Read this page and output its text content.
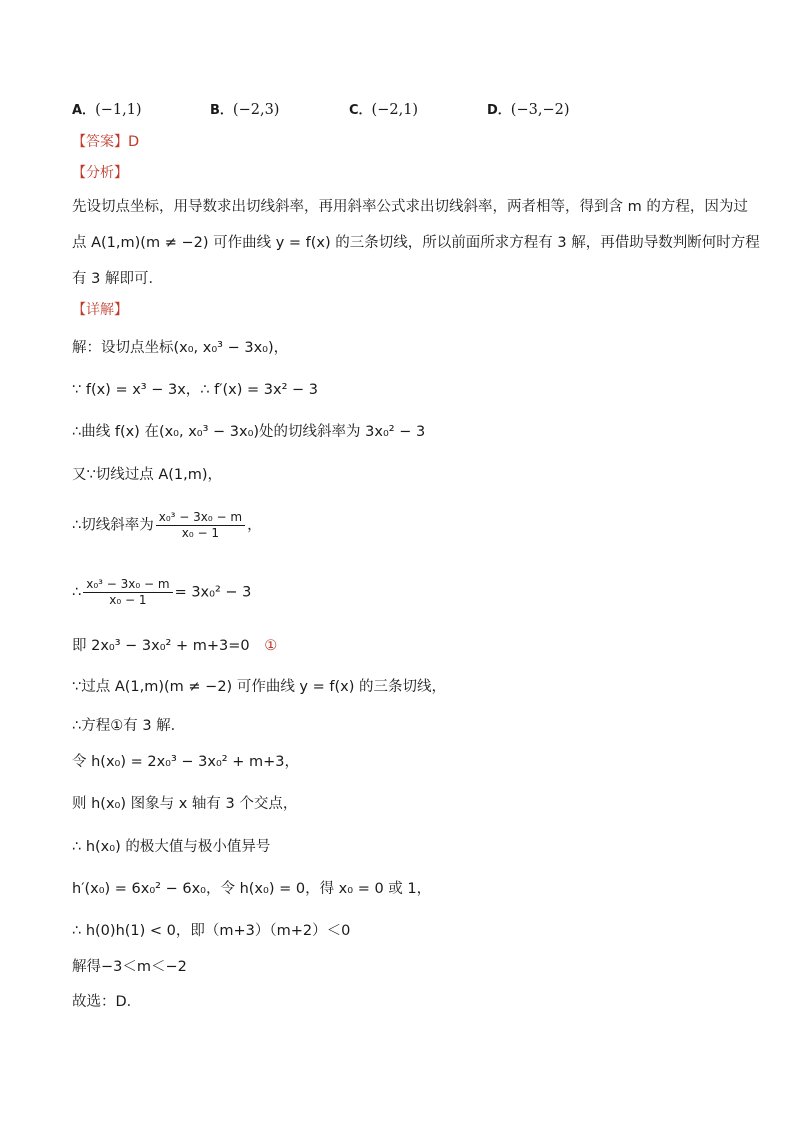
A．(−1,1)	B．(−2,3)	C．(−2,1)	D．(−3,−2)
【答案】D
【分析】
先设切点坐标，用导数求出切线斜率，再用斜率公式求出切线斜率，两者相等，得到含 m 的方程，因为过
点 A(1,m)(m ≠ −2) 可作曲线 y = f(x) 的三条切线，所以前面所求方程有 3 解，再借助导数判断何时方程
有 3 解即可．
【详解】
解：设切点坐标(x₀, x₀³ − 3x₀)，
∵ f(x) = x³ − 3x，∴ f′(x) = 3x² − 3
∴曲线 f(x) 在(x₀, x₀³ − 3x₀)处的切线斜率为 3x₀² − 3
又∵切线过点 A(1,m)，
∴切线斜率为 $\frac{\text{x₀³ − 3x₀ − m}}{\text{x₀ − 1}}$ ，
∴ $\frac{\text{x₀³ − 3x₀ − m}}{\text{x₀ − 1}} = 3x_0^2 - 3$
即 2x₀³ − 3x₀² + m+3=0 ①
∵过点 A(1,m)(m ≠ −2) 可作曲线 y = f(x) 的三条切线，
∴方程①有 3 解．
令 h(x₀) = 2x₀³ − 3x₀² + m+3，
则 h(x₀) 图象与 x 轴有 3 个交点，
∴ h(x₀) 的极大值与极小值异号
h′(x₀) = 6x₀² − 6x₀，令 h(x₀) = 0，得 x₀ = 0 或 1，
∴ h(0)h(1) < 0，即（m+3）（m+2）＜0
解得−3＜m＜−2
故选：D．
